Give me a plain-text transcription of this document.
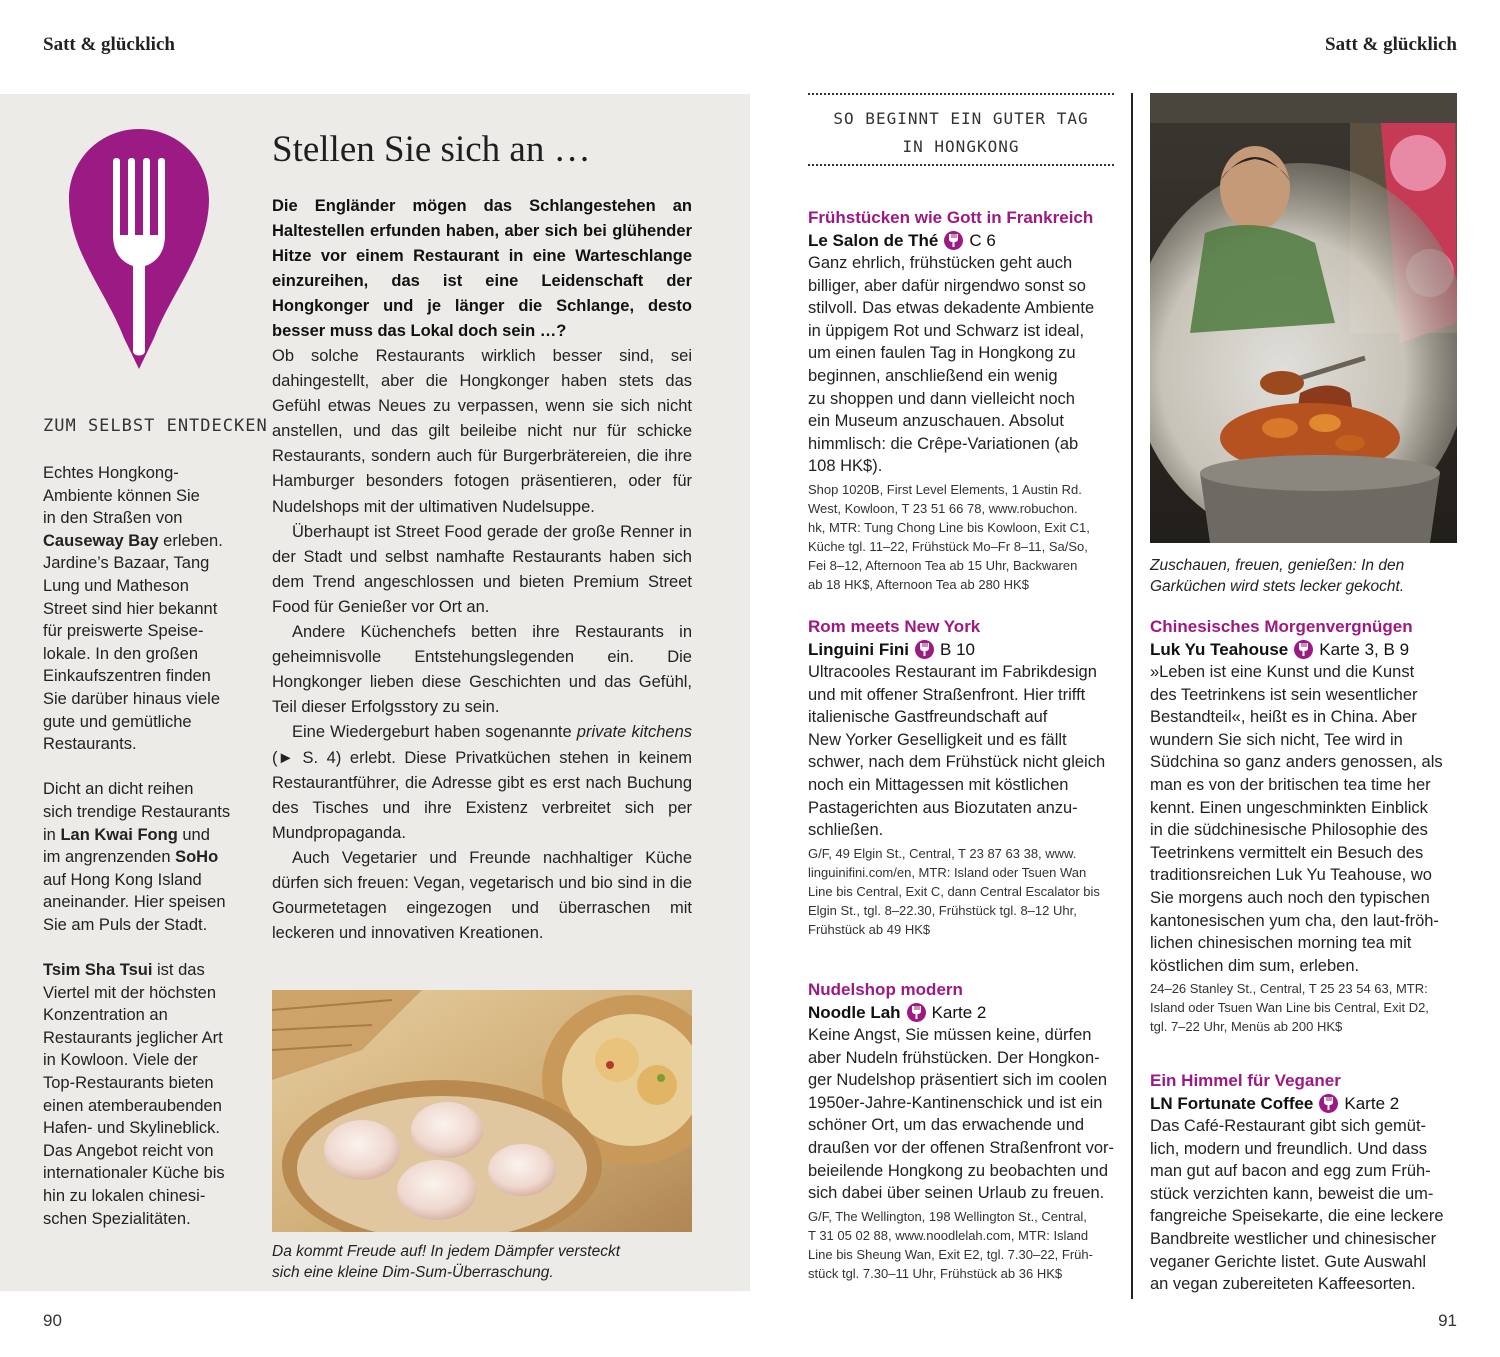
Satt & glücklich	Satt & glücklich
ZUM SELBST ENTDECKEN

Echtes Hongkong-
Ambiente können Sie
in den Straßen von
Causeway Bay erleben.
Jardine’s Bazaar, Tang
Lung und Matheson
Street sind hier bekannt
für preiswerte Speise-
lokale. In den großen
Einkaufszentren finden
Sie darüber hinaus viele
gute und gemütliche
Restaurants.

Dicht an dicht reihen
sich trendige Restaurants
in Lan Kwai Fong und
im angrenzenden SoHo
auf Hong Kong Island
aneinander. Hier speisen
Sie am Puls der Stadt.

Tsim Sha Tsui ist das
Viertel mit der höchsten
Konzentration an
Restaurants jeglicher Art
in Kowloon. Viele der
Top-Restaurants bieten
einen atemberaubenden
Hafen- und Skylineblick.
Das Angebot reicht von
internationaler Küche bis
hin zu lokalen chinesi-
schen Spezialitäten.

Stellen Sie sich an …
Die Engländer mögen das Schlangestehen an Haltestellen erfunden haben, aber sich bei glühender Hitze vor einem Restaurant in eine Warteschlange einzureihen, das ist eine Leidenschaft der Hongkonger und je länger die Schlange, desto besser muss das Lokal doch sein …?

Ob solche Restaurants wirklich besser sind, sei dahingestellt, aber die Hongkonger haben stets das Gefühl etwas Neues zu verpassen, wenn sie sich nicht anstellen, und das gilt beileibe nicht nur für schicke Restaurants, sondern auch für Burgerbrätereien, die ihre Hamburger besonders fotogen präsentieren, oder für Nudelshops mit der ultimativen Nudelsuppe.

Überhaupt ist Street Food gerade der große Renner in der Stadt und selbst namhafte Restaurants haben sich dem Trend angeschlossen und bieten Premium Street Food für Genießer vor Ort an.

Andere Küchenchefs betten ihre Restaurants in geheimnisvolle Entstehungslegenden ein. Die Hongkonger lieben diese Geschichten und das Gefühl, Teil dieser Erfolgsstory zu sein.

Eine Wiedergeburt haben sogenannte private kitchens (► S. 4) erlebt. Diese Privatküchen stehen in keinem Restaurantführer, die Adresse gibt es erst nach Buchung des Tisches und ihre Existenz verbreitet sich per Mundpropaganda.

Auch Vegetarier und Freunde nachhaltiger Küche dürfen sich freuen: Vegan, vegetarisch und bio sind in die Gourmetetagen eingezogen und überraschen mit leckeren und innovativen Kreationen.

Da kommt Freude auf! In jedem Dämpfer versteckt
sich eine kleine Dim-Sum-Überraschung.
SO BEGINNT EIN GUTER TAG
IN HONGKONG
Frühstücken wie Gott in Frankreich
Le Salon de Thé C 6
Ganz ehrlich, frühstücken geht auch
billiger, aber dafür nirgendwo sonst so
stilvoll. Das etwas dekadente Ambiente
in üppigem Rot und Schwarz ist ideal,
um einen faulen Tag in Hongkong zu
beginnen, anschließend ein wenig
zu shoppen und dann vielleicht noch
ein Museum anzuschauen. Absolut
himmlisch: die Crêpe-Variationen (ab
108 HK$).
Shop 1020B, First Level Elements, 1 Austin Rd.
West, Kowloon, T 23 51 66 78, www.robuchon.
hk, MTR: Tung Chong Line bis Kowloon, Exit C1,
Küche tgl. 11–22, Frühstück Mo–Fr 8–11, Sa/So,
Fei 8–12, Afternoon Tea ab 15 Uhr, Backwaren
ab 18 HK$, Afternoon Tea ab 280 HK$
Rom meets New York
Linguini Fini B 10
Ultracooles Restaurant im Fabrikdesign
und mit offener Straßenfront. Hier trifft
italienische Gastfreundschaft auf
New Yorker Geselligkeit und es fällt
schwer, nach dem Frühstück nicht gleich
noch ein Mittagessen mit köstlichen
Pastagerichten aus Biozutaten anzu-
schließen.
G/F, 49 Elgin St., Central, T 23 87 63 38, www.
linguinifini.com/en, MTR: Island oder Tsuen Wan
Line bis Central, Exit C, dann Central Escalator bis
Elgin St., tgl. 8–22.30, Frühstück tgl. 8–12 Uhr,
Frühstück ab 49 HK$
Nudelshop modern
Noodle Lah Karte 2
Keine Angst, Sie müssen keine, dürfen
aber Nudeln frühstücken. Der Hongkon-
ger Nudelshop präsentiert sich im coolen
1950er-Jahre-Kantinenschick und ist ein
schöner Ort, um das erwachende und
draußen vor der offenen Straßenfront vor-
beieilende Hongkong zu beobachten und
sich dabei über seinen Urlaub zu freuen.
G/F, The Wellington, 198 Wellington St., Central,
T 31 05 02 88, www.noodlelah.com, MTR: Island
Line bis Sheung Wan, Exit E2, tgl. 7.30–22, Früh-
stück tgl. 7.30–11 Uhr, Frühstück ab 36 HK$
Zuschauen, freuen, genießen: In den
Garküchen wird stets lecker gekocht.
Chinesisches Morgenvergnügen
Luk Yu Teahouse Karte 3, B 9
»Leben ist eine Kunst und die Kunst
des Teetrinkens ist sein wesentlicher
Bestandteil«, heißt es in China. Aber
wundern Sie sich nicht, Tee wird in
Südchina so ganz anders genossen, als
man es von der britischen tea time her
kennt. Einen ungeschminkten Einblick
in die südchinesische Philosophie des
Teetrinkens vermittelt ein Besuch des
traditionsreichen Luk Yu Teahouse, wo
Sie morgens auch noch den typischen
kantonesischen yum cha, den laut-fröh-
lichen chinesischen morning tea mit
köstlichen dim sum, erleben.
24–26 Stanley St., Central, T 25 23 54 63, MTR:
Island oder Tsuen Wan Line bis Central, Exit D2,
tgl. 7–22 Uhr, Menüs ab 200 HK$
Ein Himmel für Veganer
LN Fortunate Coffee Karte 2
Das Café-Restaurant gibt sich gemüt-
lich, modern und freundlich. Und dass
man gut auf bacon and egg zum Früh-
stück verzichten kann, beweist die um-
fangreiche Speisekarte, die eine leckere
Bandbreite westlicher und chinesischer
veganer Gerichte listet. Gute Auswahl
an vegan zubereiteten Kaffeesorten.
90	91
